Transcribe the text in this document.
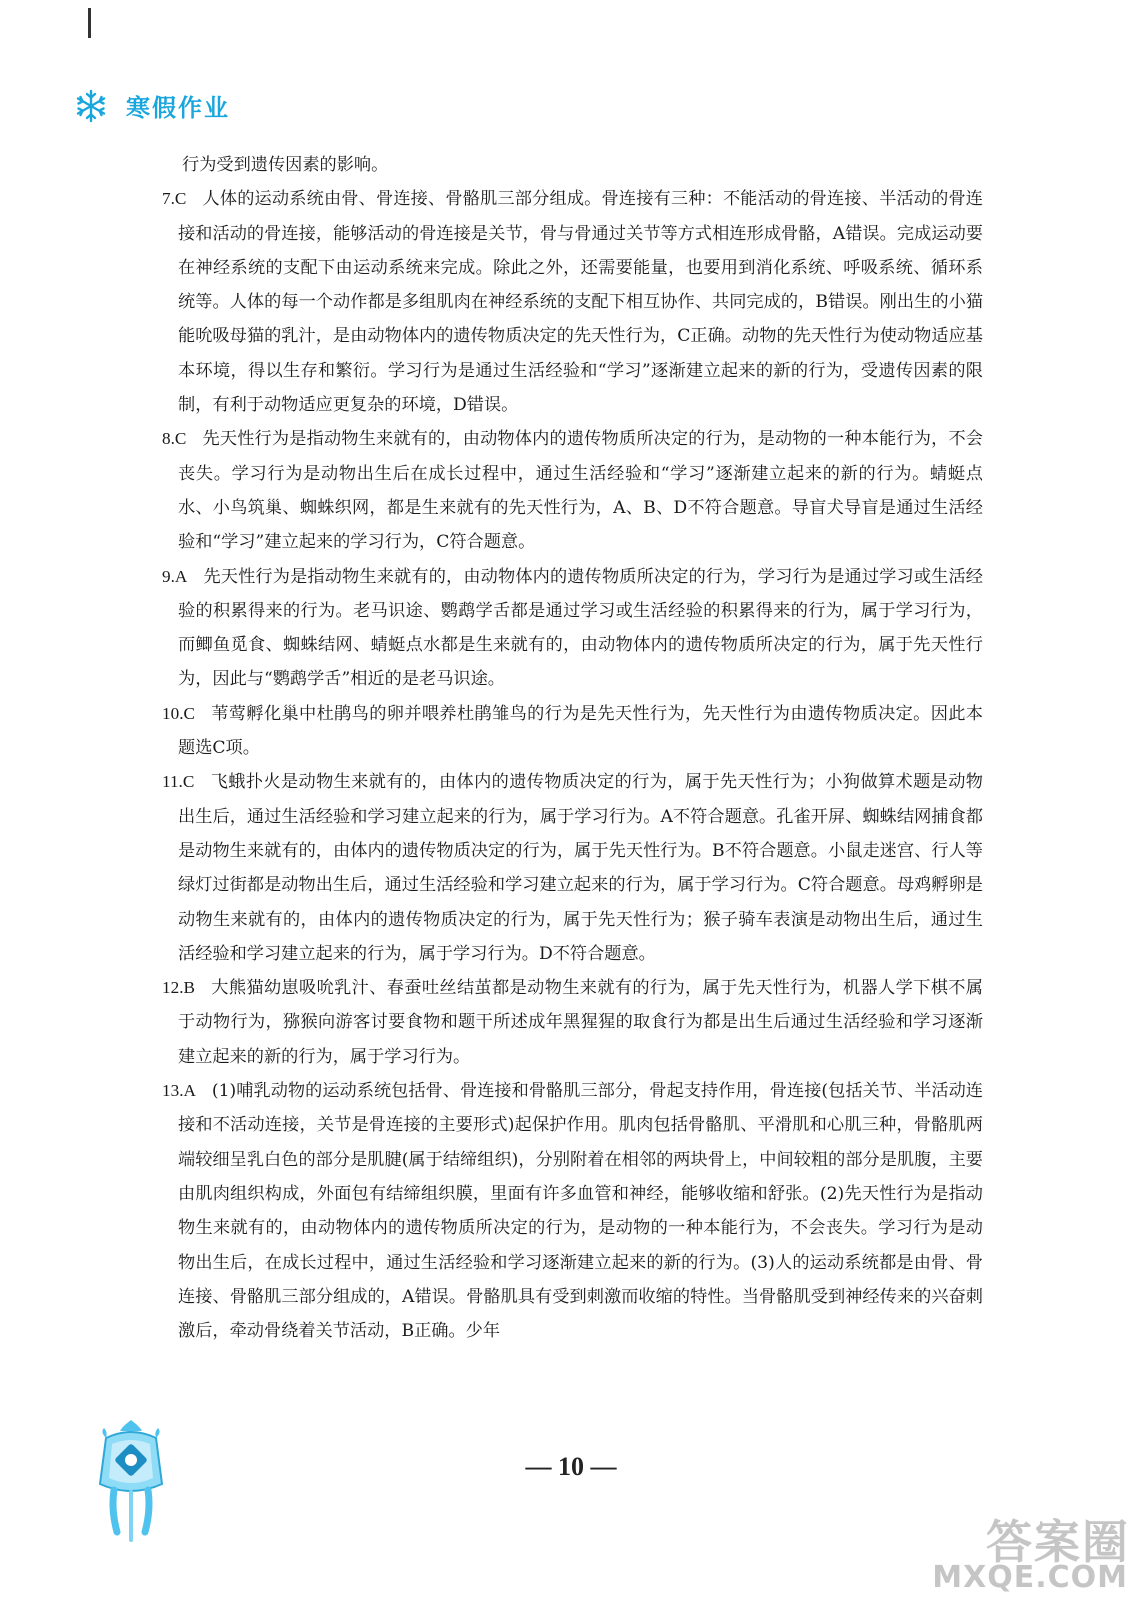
寒假作业

行为受到遗传因素的影响。

7.C 人体的运动系统由骨、骨连接、骨骼肌三部分组成。骨连接有三种：不能活动的骨连接、半活动的骨连接和活动的骨连接，能够活动的骨连接是关节，骨与骨通过关节等方式相连形成骨骼，A错误。完成运动要在神经系统的支配下由运动系统来完成。除此之外，还需要能量，也要用到消化系统、呼吸系统、循环系统等。人体的每一个动作都是多组肌肉在神经系统的支配下相互协作、共同完成的，B错误。刚出生的小猫能吮吸母猫的乳汁，是由动物体内的遗传物质决定的先天性行为，C正确。动物的先天性行为使动物适应基本环境，得以生存和繁衍。学习行为是通过生活经验和“学习”逐渐建立起来的新的行为，受遗传因素的限制，有利于动物适应更复杂的环境，D错误。

8.C 先天性行为是指动物生来就有的，由动物体内的遗传物质所决定的行为，是动物的一种本能行为，不会丧失。学习行为是动物出生后在成长过程中，通过生活经验和“学习”逐渐建立起来的新的行为。蜻蜓点水、小鸟筑巢、蜘蛛织网，都是生来就有的先天性行为，A、B、D不符合题意。导盲犬导盲是通过生活经验和“学习”建立起来的学习行为，C符合题意。

9.A 先天性行为是指动物生来就有的，由动物体内的遗传物质所决定的行为，学习行为是通过学习或生活经验的积累得来的行为。老马识途、鹦鹉学舌都是通过学习或生活经验的积累得来的行为，属于学习行为，而鲫鱼觅食、蜘蛛结网、蜻蜓点水都是生来就有的，由动物体内的遗传物质所决定的行为，属于先天性行为，因此与“鹦鹉学舌”相近的是老马识途。

10.C 苇莺孵化巢中杜鹃鸟的卵并喂养杜鹃雏鸟的行为是先天性行为，先天性行为由遗传物质决定。因此本题选C项。

11.C 飞蛾扑火是动物生来就有的，由体内的遗传物质决定的行为，属于先天性行为；小狗做算术题是动物出生后，通过生活经验和学习建立起来的行为，属于学习行为。A不符合题意。孔雀开屏、蜘蛛结网捕食都是动物生来就有的，由体内的遗传物质决定的行为，属于先天性行为。B不符合题意。小鼠走迷宫、行人等绿灯过街都是动物出生后，通过生活经验和学习建立起来的行为，属于学习行为。C符合题意。母鸡孵卵是动物生来就有的，由体内的遗传物质决定的行为，属于先天性行为；猴子骑车表演是动物出生后，通过生活经验和学习建立起来的行为，属于学习行为。D不符合题意。

12.B 大熊猫幼崽吸吮乳汁、春蚕吐丝结茧都是动物生来就有的行为，属于先天性行为，机器人学下棋不属于动物行为，猕猴向游客讨要食物和题干所述成年黑猩猩的取食行为都是出生后通过生活经验和学习逐渐建立起来的新的行为，属于学习行为。

13.A (1)哺乳动物的运动系统包括骨、骨连接和骨骼肌三部分，骨起支持作用，骨连接(包括关节、半活动连接和不活动连接，关节是骨连接的主要形式)起保护作用。肌肉包括骨骼肌、平滑肌和心肌三种，骨骼肌两端较细呈乳白色的部分是肌腱(属于结缔组织)，分别附着在相邻的两块骨上，中间较粗的部分是肌腹，主要由肌肉组织构成，外面包有结缔组织膜，里面有许多血管和神经，能够收缩和舒张。(2)先天性行为是指动物生来就有的，由动物体内的遗传物质所决定的行为，是动物的一种本能行为，不会丧失。学习行为是动物出生后，在成长过程中，通过生活经验和学习逐渐建立起来的新的行为。(3)人的运动系统都是由骨、骨连接、骨骼肌三部分组成的，A错误。骨骼肌具有受到刺激而收缩的特性。当骨骼肌受到神经传来的兴奋刺激后，牵动骨绕着关节活动，B正确。少年

— 10 —
答案圈
MXQE.COM
